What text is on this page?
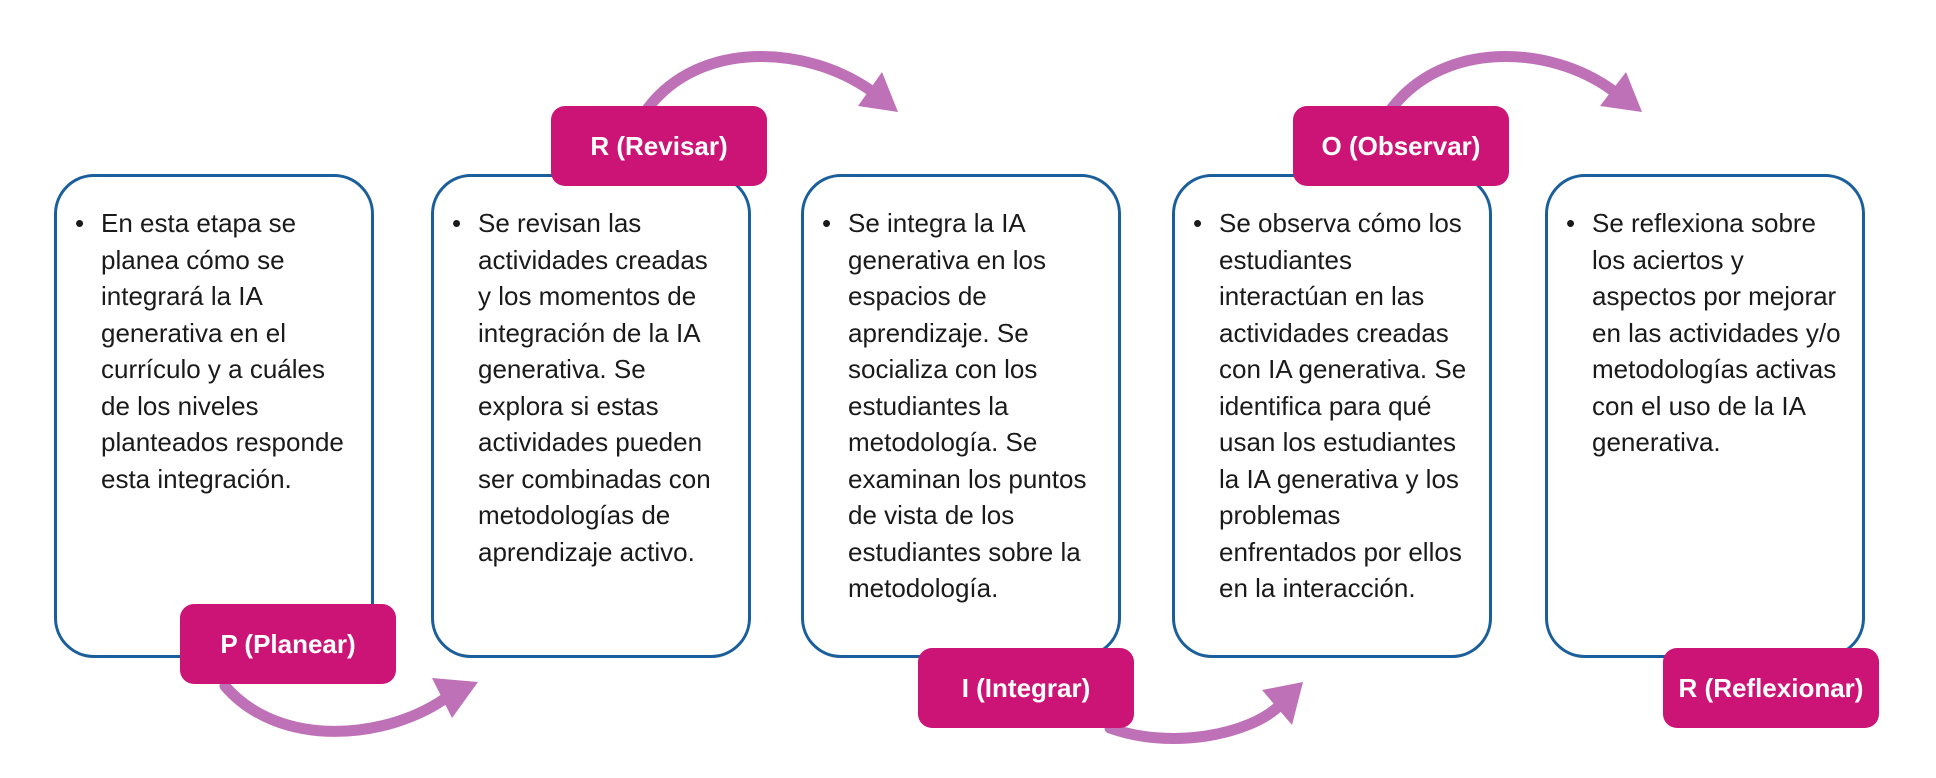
• En esta etapa se planea cómo se integrará la IA generativa en el currículo y a cuáles de los niveles planteados responde esta integración.
• Se revisan las actividades creadas y los momentos de integración de la IA generativa. Se explora si estas actividades pueden ser combinadas con metodologías de aprendizaje activo.
• Se integra la IA generativa en los espacios de aprendizaje. Se socializa con los estudiantes la metodología. Se examinan los puntos de vista de los estudiantes sobre la metodología.
• Se observa cómo los estudiantes interactúan en las actividades creadas con IA generativa. Se identifica para qué usan los estudiantes la IA generativa y los problemas enfrentados por ellos en la interacción.
• Se reflexiona sobre los aciertos y aspectos por mejorar en las actividades y/o metodologías activas con el uso de la IA generativa.
P (Planear)
R (Revisar)
I (Integrar)
O (Observar)
R (Reflexionar)
